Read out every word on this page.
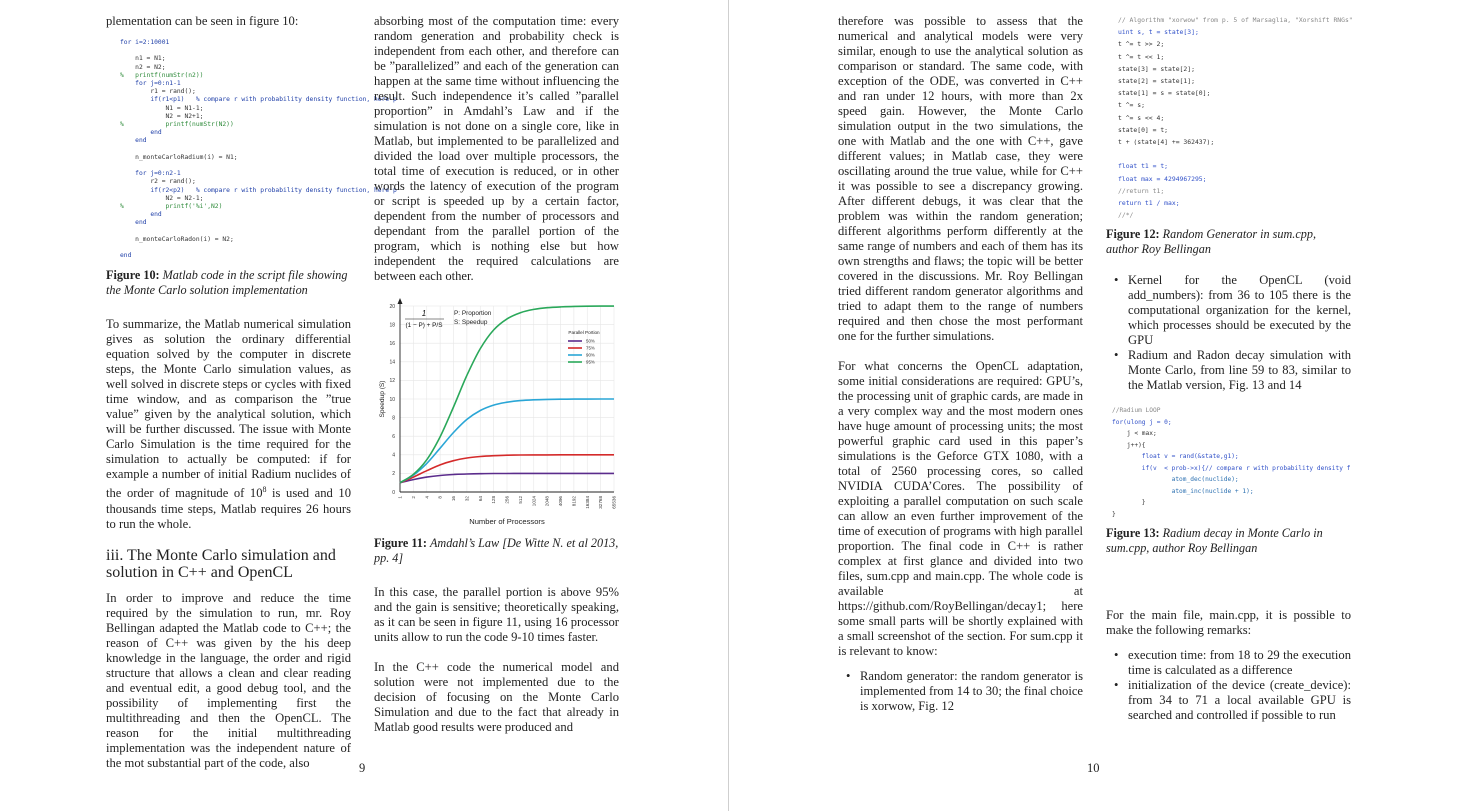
plementation can be seen in figure 10:

for i=2:10001

n1 = N1;
n2 = N2;
%   printf(numStr(n2))
for j=0:n1-1
r1 = rand();
if(r1<p1)   % compare r with probability density function, here p
N1 = N1-1;
N2 = N2+1;
%           printf(numStr(N2))
end
end

n_monteCarloRadium(i) = N1;

for j=0:n2-1
r2 = rand();
if(r2<p2)   % compare r with probability density function, here p
N2 = N2-1;
%           printf('%i',N2)
end
end

n_monteCarloRadon(i) = N2;

end
Figure 10: Matlab code in the script file showing the Monte Carlo solution implementation

To summarize, the Matlab numerical simulation gives as solution the ordinary differential equation solved by the computer in discrete steps, the Monte Carlo simulation values, as well solved in discrete steps or cycles with fixed time window, and as comparison the ”true value” given by the analytical solution, which will be further discussed. The issue with Monte Carlo Simulation is the time required for the simulation to actually be computed: if for example a number of initial Radium nuclides of the order of magnitude of $10^8$ is used and 10 thousands time steps, Matlab requires 26 hours to run the whole.

iii. The Monte Carlo simulation and solution in C++ and OpenCL

In order to improve and reduce the time required by the simulation to run, mr. Roy Bellingan adapted the Matlab code to C++; the reason of C++ was given by the his deep knowledge in the language, the order and rigid structure that allows a clean and clear reading and eventual edit, a good debug tool, and the possibility of implementing first the multithreading and then the OpenCL. The reason for the initial multithreading implementation was the independent nature of the mot substantial part of the code, also

absorbing most of the computation time: every random generation and probability check is independent from each other, and therefore can be ”parallelized” and each of the generation can happen at the same time without influencing the result. Such independence it’s called ”parallel proportion” in Amdahl’s Law and if the simulation is not done on a single core, like in Matlab, but implemented to be parallelized and divided the load over multiple processors, the total time of execution is reduced, or in other words the latency of execution of the program or script is speeded up by a certain factor, dependent from the number of processors and dependant from the parallel portion of the program, which is nothing else but how independent the required calculations are between each other.

0
2
4
6
8
10
12
14
16
18
20
1 2 4 8 16 32 64 128 256 512 1024 2048 4096 8192 16384 32768 65536
Number of Processors
Speedup (S)
1
(1 − P) + P/S
P: Proportion
S: Speedup
Parallel Portion
50%
75%
90%
95%
Figure 11: Amdahl’s Law [De Witte N. et al 2013, pp. 4]

In this case, the parallel portion is above 95% and the gain is sensitive; theoretically speaking, as it can be seen in figure 11, using 16 processor units allow to run the code 9-10 times faster.

In the C++ code the numerical model and solution were not implemented due to the decision of focusing on the Monte Carlo Simulation and due to the fact that already in Matlab good results were produced and

9

therefore was possible to assess that the numerical and analytical models were very similar, enough to use the analytical solution as comparison or standard. The same code, with exception of the ODE, was converted in C++ and ran under 12 hours, with more than 2x speed gain. However, the Monte Carlo simulation output in the two simulations, the one with Matlab and the one with C++, gave different values; in Matlab case, they were oscillating around the true value, while for C++ it was possible to see a discrepancy growing. After different debugs, it was clear that the problem was within the random generation; different algorithms perform differently at the same range of numbers and each of them has its own strengths and flaws; the topic will be better covered in the discussions. Mr. Roy Bellingan tried different random generator algorithms and tried to adapt them to the range of numbers required and then chose the most performant one for the further simulations.

For what concerns the OpenCL adaptation, some initial considerations are required: GPU’s, the processing unit of graphic cards, are made in a very complex way and the most modern ones have huge amount of processing units; the most powerful graphic card used in this paper’s simulations is the Geforce GTX 1080, with a total of 2560 processing cores, so called NVIDIA CUDA’Cores. The possibility of exploiting a parallel computation on such scale can allow an even further improvement of the time of execution of programs with high parallel proportion. The final code in C++ is rather complex at first glance and divided into two files, sum.cpp and main.cpp. The whole code is available at https://github.com/RoyBellingan/decay1; here some small parts will be shortly explained with a small screenshot of the section. For sum.cpp it is relevant to know:

• Random generator: the random generator is implemented from 14 to 30; the final choice is xorwow, Fig. 12
// Algorithm "xorwow" from p. 5 of Marsaglia, "Xorshift RNGs"
uint s, t = state[3];
t ^= t >> 2;
t ^= t << 1;
state[3] = state[2];
state[2] = state[1];
state[1] = s = state[0];
t ^= s;
t ^= s << 4;
state[0] = t;
t + (state[4] += 362437);

float t1 = t;
float max = 4294967295;
//return t1;
return t1 / max;
//*/
Figure 12: Random Generator in sum.cpp, author Roy Bellingan
• Kernel for the OpenCL (void add_numbers): from 36 to 105 there is the computational organization for the kernel, which processes should be executed by the GPU
• Radium and Radon decay simulation with Monte Carlo, from line 59 to 83, similar to the Matlab version, Fig. 13 and 14
//Radium LOOP
for(ulong j = 0;
j < max;
j++){
float v = rand(&state,g1);
if(v  < prob->x){// compare r with probability density f
atom_dec(nuclide);
atom_inc(nuclide + 1);
}
}
Figure 13: Radium decay in Monte Carlo in sum.cpp, author Roy Bellingan

For the main file, main.cpp, it is possible to make the following remarks:

• execution time: from 18 to 29 the execution time is calculated as a difference
• initialization of the device (create_device): from 34 to 71 a local available GPU is searched and controlled if possible to run
10
